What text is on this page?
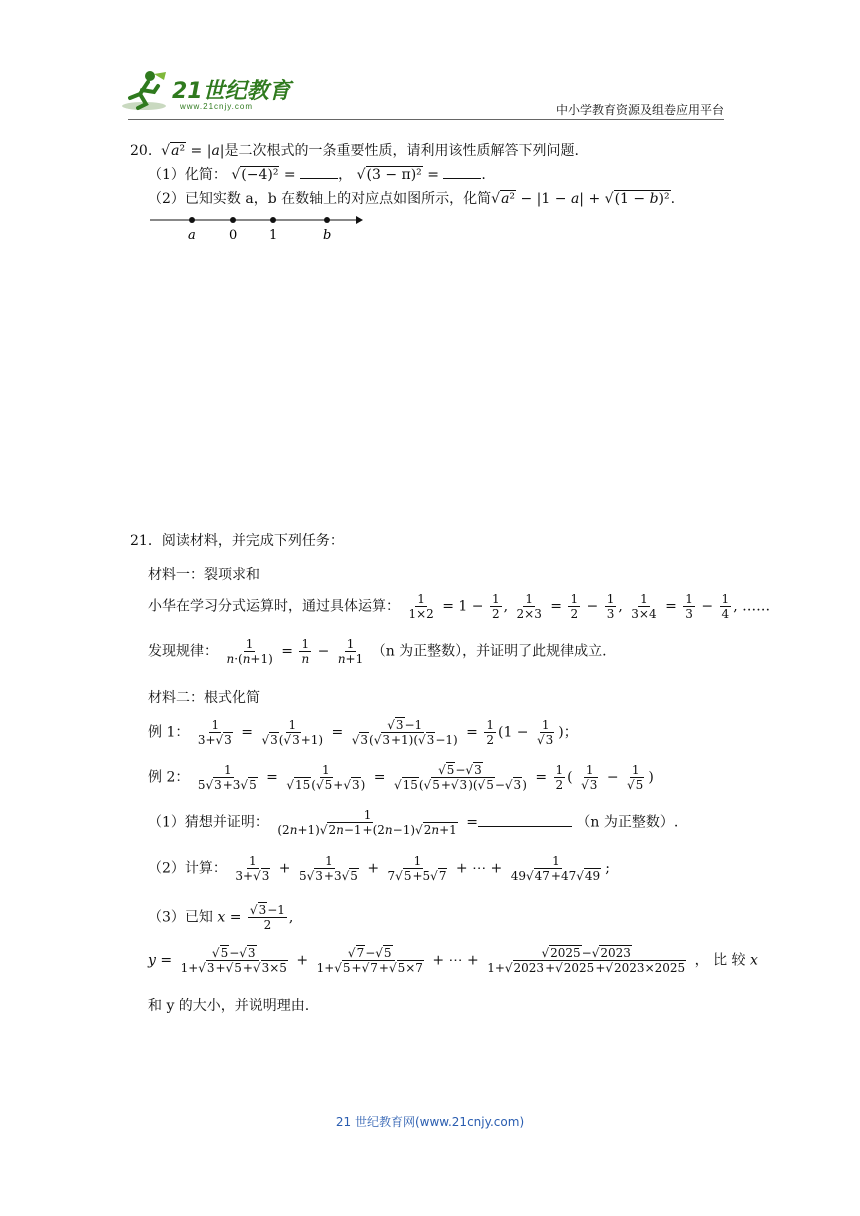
21世纪教育
www.21cnjy.com	中小学教育资源及组卷应用平台
20.  √a² = |a|是二次根式的一条重要性质，请利用该性质解答下列问题.
（1）化简： √(−4)² =	， √(3 − π)² =	.
（2）已知实数 a，b 在数轴上的对应点如图所示，化简√a² − |1 − a| + √(1 − b)².
a	0 1	b
21．阅读材料，并完成下列任务：
材料一：裂项求和
小华在学习分式运算时，通过具体运算： $\frac{1}{1\times 2} = 1 - \frac{1}{2}$ , $\frac{1}{2\times 3} = \frac{1}{2} - \frac{1}{3}$ , $\frac{1}{3\times 4} = \frac{1}{3} - \frac{1}{4}$ , ……
发现规律： $\frac{1}{n\cdot(n+1)} = \frac{1}{n} - \frac{1}{n+1} (n$ 为正整数），并证明了此规律成立.
材料二：根式化简
例 1： $\frac{1}{3+√3} = \frac{1}{√3(√3+1)} = \frac{√3-1}{√3(√3+1)(√3-1)} = \frac{1}{2} (1 - \frac{1}{√3}$ )；
例 2： $\frac{1}{5√3+3√5} = \frac{1}{√15(√5+√3)} = \frac{√5-√3}{√15(√5+√3)(√5-√3)} = \frac{1}{2}$ ( $\frac{1}{√3} - \frac{1}{√5}$ )
（1）猜想并证明： $\frac{1}{(2n+1)√2n-1+(2n-1)√2n+1}$ =	（n 为正整数）.
（2）计算： $\frac{1}{3+√3} + \frac{1}{5√3+3√5} + \frac{1}{7√5+5√7}$ + ⋯ + $\frac{1}{49√47+47√49}$ ;
（3）已知 $x = \frac{√3-1}{2}$ ,
$y = \frac{√5-√3}{1+√3+√5+√3\times 5} + \frac{√7-√5}{1+√5+√7+√5\times 7}$ + ⋯ + $\frac{√2025-√2023}{1+√2023+√2025+√2023\times 2025}$ ， 比 较 x
和 y 的大小，并说明理由.
21 世纪教育网(www.21cnjy.com)
